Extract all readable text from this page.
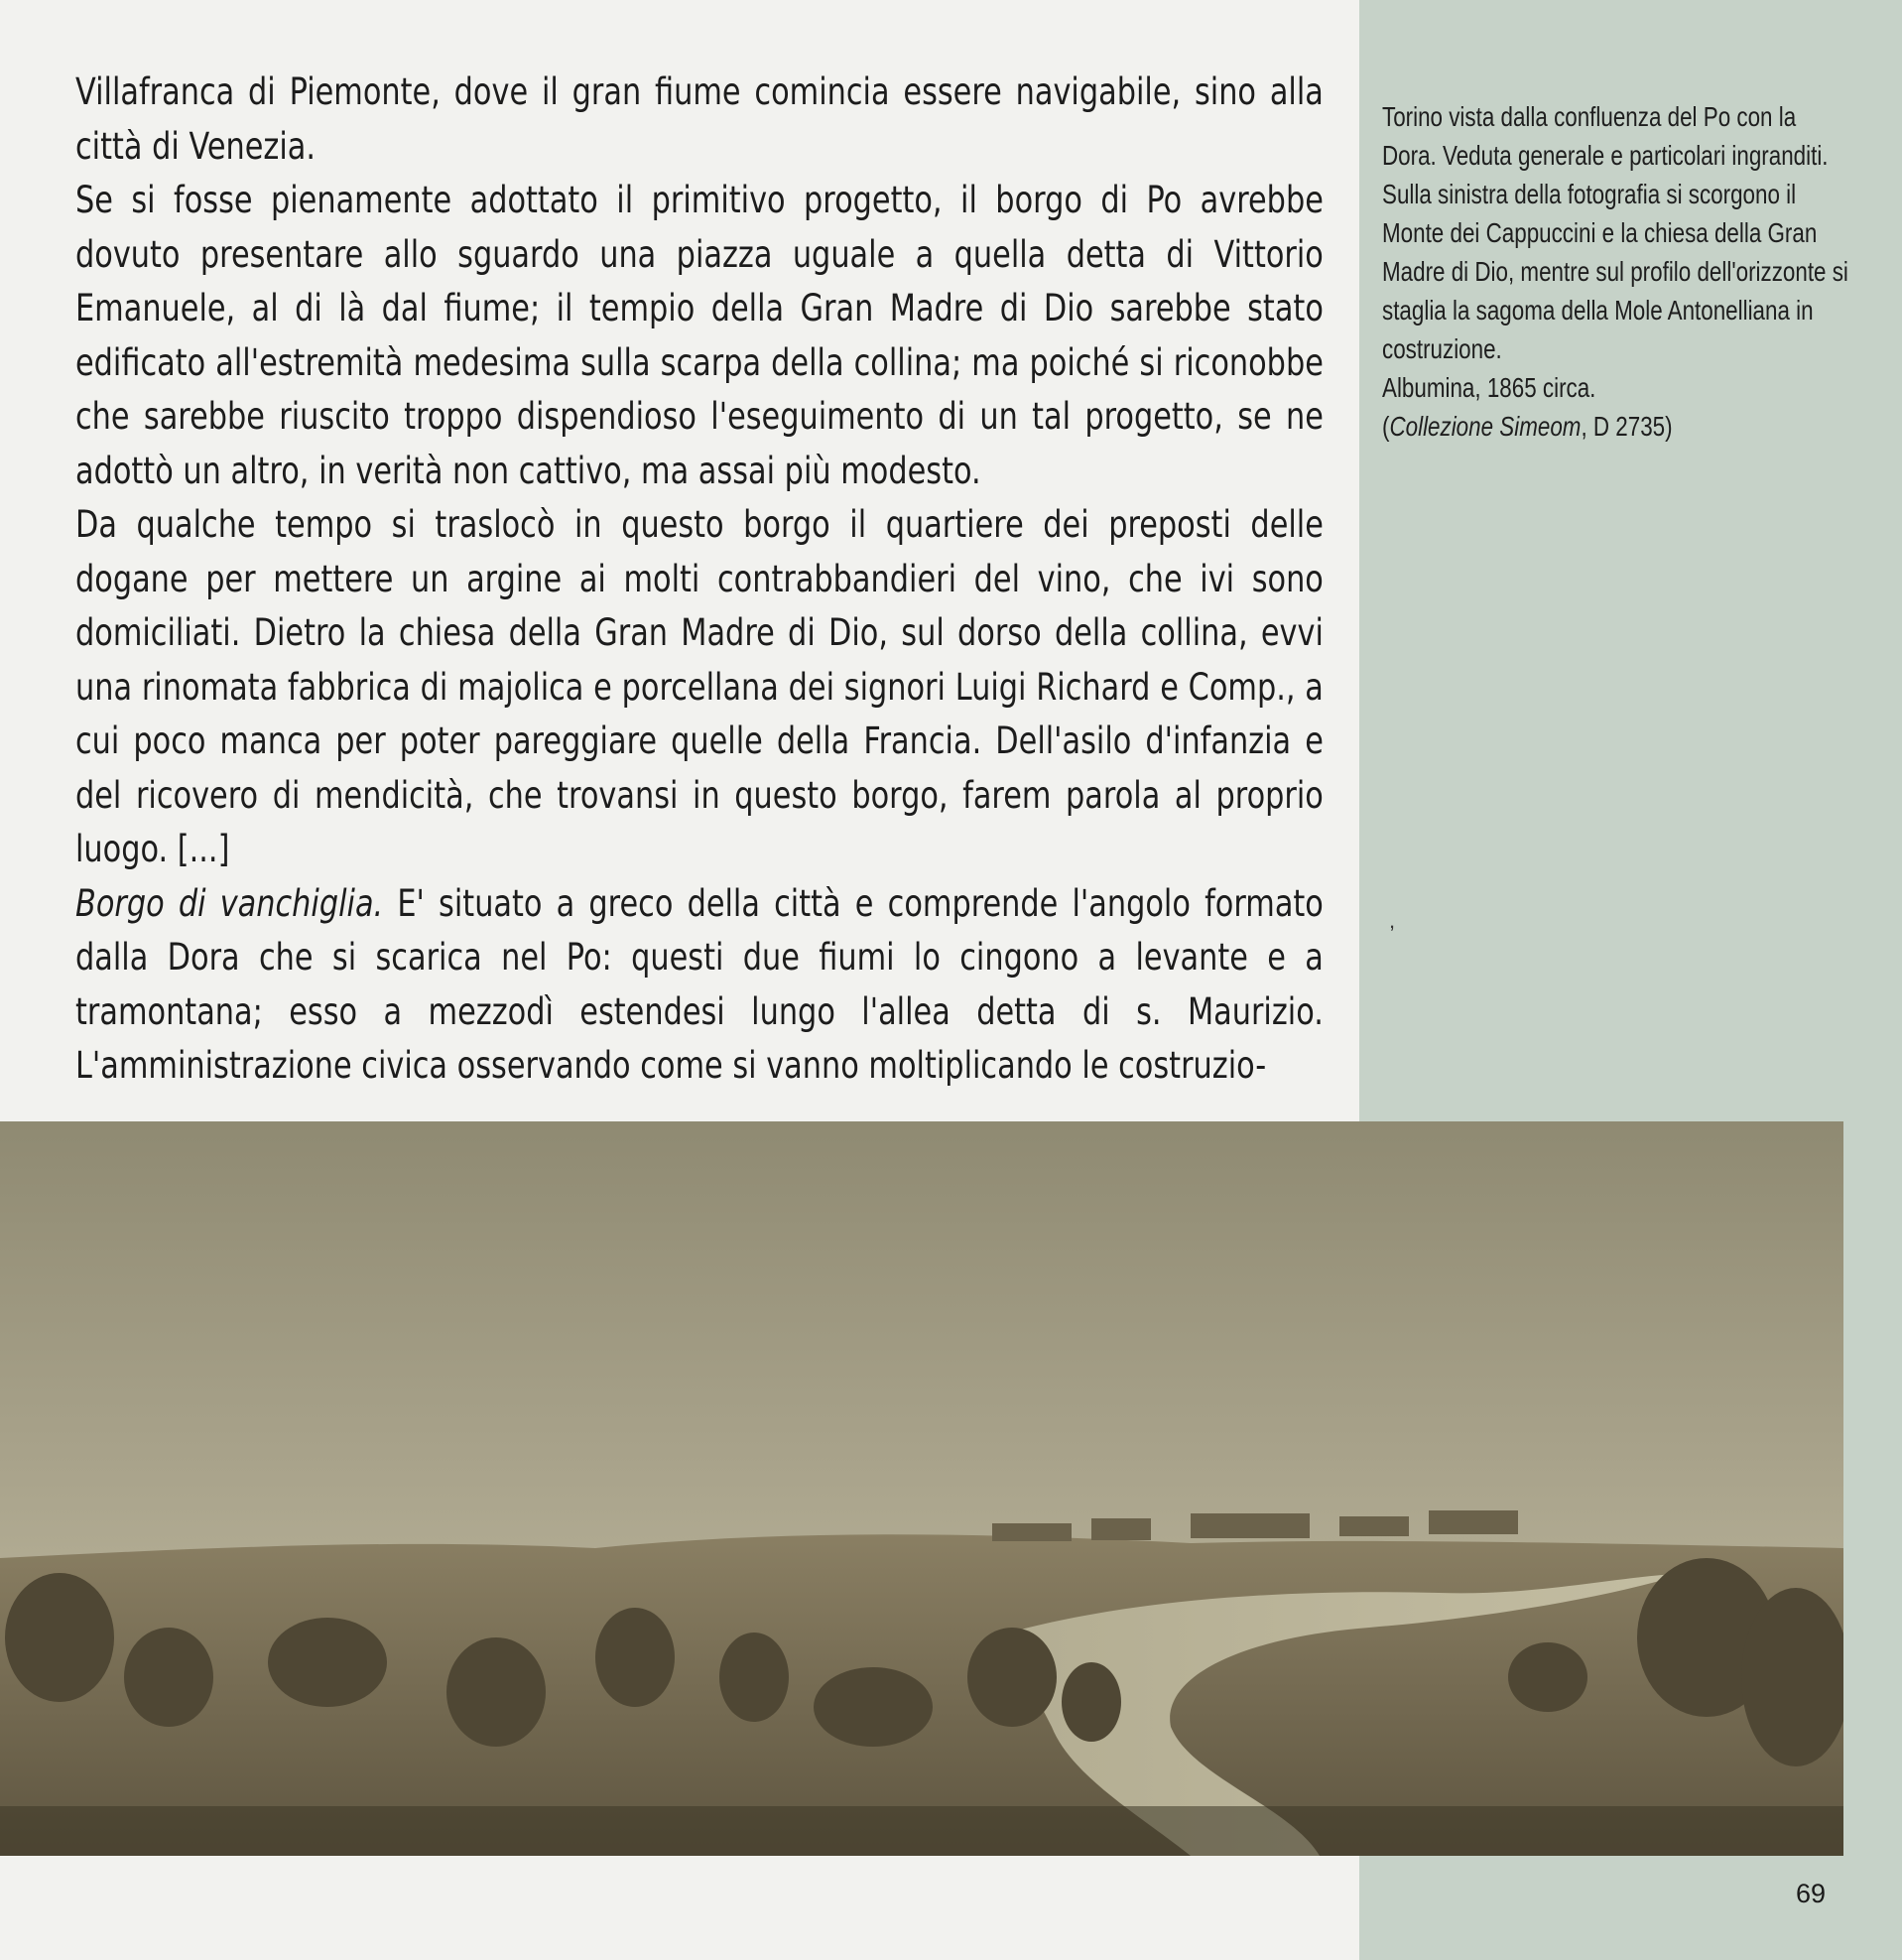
Villafranca di Piemonte, dove il gran fiume comincia essere navigabile, sino alla città di Venezia.

Se si fosse pienamente adottato il primitivo progetto, il borgo di Po avrebbe dovuto presentare allo sguardo una piazza uguale a quella detta di Vittorio Emanuele, al di là dal fiume; il tempio della Gran Madre di Dio sarebbe stato edificato all'estremità medesima sulla scarpa della collina; ma poiché si riconobbe che sarebbe riuscito troppo dispendioso l'eseguimento di un tal progetto, se ne adottò un altro, in verità non cattivo, ma assai più modesto.

Da qualche tempo si traslocò in questo borgo il quartiere dei preposti delle dogane per mettere un argine ai molti contrabbandieri del vino, che ivi sono domiciliati. Dietro la chiesa della Gran Madre di Dio, sul dorso della collina, evvi una rinomata fabbrica di majolica e porcellana dei signori Luigi Richard e Comp., a cui poco manca per poter pareggiare quelle della Francia. Dell'asilo d'infanzia e del ricovero di mendicità, che trovansi in questo borgo, farem parola al proprio luogo. [...]

Borgo di vanchiglia. E' situato a greco della città e comprende l'angolo formato dalla Dora che si scarica nel Po: questi due fiumi lo cingono a levante e a tramontana; esso a mezzodì estendesi lungo l'allea detta di s. Maurizio. L'amministrazione civica osservando come si vanno moltiplicando le costruzio-

Torino vista dalla confluenza del Po con la Dora. Veduta generale e particolari ingranditi.

Sulla sinistra della fotografia si scorgono il Monte dei Cappuccini e la chiesa della Gran Madre di Dio, mentre sul profilo dell'orizzonte si staglia la sagoma della Mole Antonelliana in costruzione.

Albumina, 1865 circa.

(Collezione Simeom, D 2735)

,
69
